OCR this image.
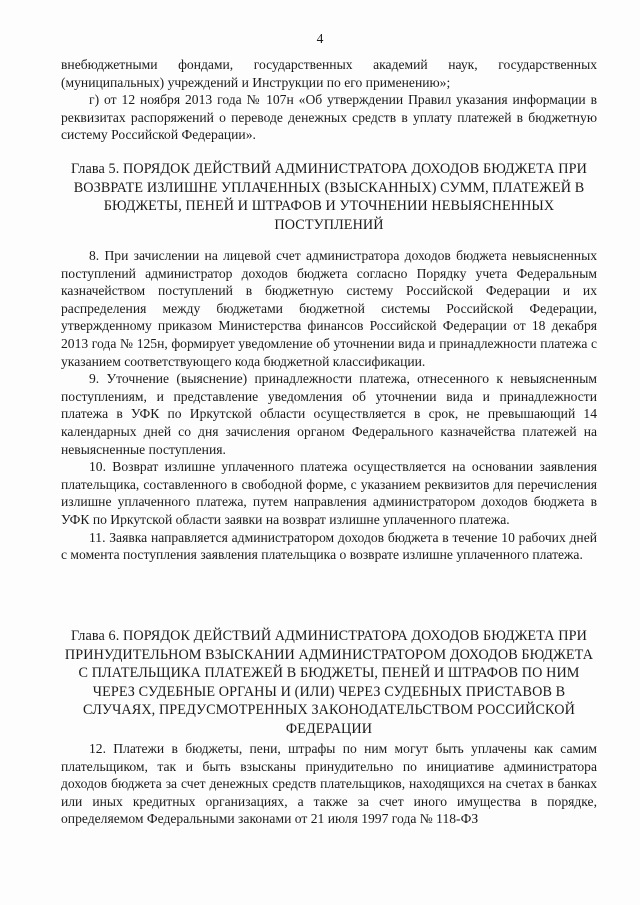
4

внебюджетными фондами, государственных академий наук, государственных (муниципальных) учреждений и Инструкции по его применению»;

г) от 12 ноября 2013 года № 107н «Об утверждении Правил указания информации в реквизитах распоряжений о переводе денежных средств в уплату платежей в бюджетную систему Российской Федерации».

Глава 5. ПОРЯДОК ДЕЙСТВИЙ АДМИНИСТРАТОРА ДОХОДОВ БЮДЖЕТА ПРИ ВОЗВРАТЕ ИЗЛИШНЕ УПЛАЧЕННЫХ (ВЗЫСКАННЫХ) СУММ, ПЛАТЕЖЕЙ В БЮДЖЕТЫ, ПЕНЕЙ И ШТРАФОВ И УТОЧНЕНИИ НЕВЫЯСНЕННЫХ ПОСТУПЛЕНИЙ

8. При зачислении на лицевой счет администратора доходов бюджета невыясненных поступлений администратор доходов бюджета согласно Порядку учета Федеральным казначейством поступлений в бюджетную систему Российской Федерации и их распределения между бюджетами бюджетной системы Российской Федерации, утвержденному приказом Министерства финансов Российской Федерации от 18 декабря 2013 года № 125н, формирует уведомление об уточнении вида и принадлежности платежа с указанием соответствующего кода бюджетной классификации.

9. Уточнение (выяснение) принадлежности платежа, отнесенного к невыясненным поступлениям, и представление уведомления об уточнении вида и принадлежности платежа в УФК по Иркутской области осуществляется в срок, не превышающий 14 календарных дней со дня зачисления органом Федерального казначейства платежей на невыясненные поступления.

10. Возврат излишне уплаченного платежа осуществляется на основании заявления плательщика, составленного в свободной форме, с указанием реквизитов для перечисления излишне уплаченного платежа, путем направления администратором доходов бюджета в УФК по Иркутской области заявки на возврат излишне уплаченного платежа.

11. Заявка направляется администратором доходов бюджета в течение 10 рабочих дней с момента поступления заявления плательщика о возврате излишне уплаченного платежа.

Глава 6. ПОРЯДОК ДЕЙСТВИЙ АДМИНИСТРАТОРА ДОХОДОВ БЮДЖЕТА ПРИ ПРИНУДИТЕЛЬНОМ ВЗЫСКАНИИ АДМИНИСТРАТОРОМ ДОХОДОВ БЮДЖЕТА С ПЛАТЕЛЬЩИКА ПЛАТЕЖЕЙ В БЮДЖЕТЫ, ПЕНЕЙ И ШТРАФОВ ПО НИМ ЧЕРЕЗ СУДЕБНЫЕ ОРГАНЫ И (ИЛИ) ЧЕРЕЗ СУДЕБНЫХ ПРИСТАВОВ В СЛУЧАЯХ, ПРЕДУСМОТРЕННЫХ ЗАКОНОДАТЕЛЬСТВОМ РОССИЙСКОЙ ФЕДЕРАЦИИ

12. Платежи в бюджеты, пени, штрафы по ним могут быть уплачены как самим плательщиком, так и быть взысканы принудительно по инициативе администратора доходов бюджета за счет денежных средств плательщиков, находящихся на счетах в банках или иных кредитных организациях, а также за счет иного имущества в порядке, определяемом Федеральными законами от 21 июля 1997 года № 118-ФЗ
